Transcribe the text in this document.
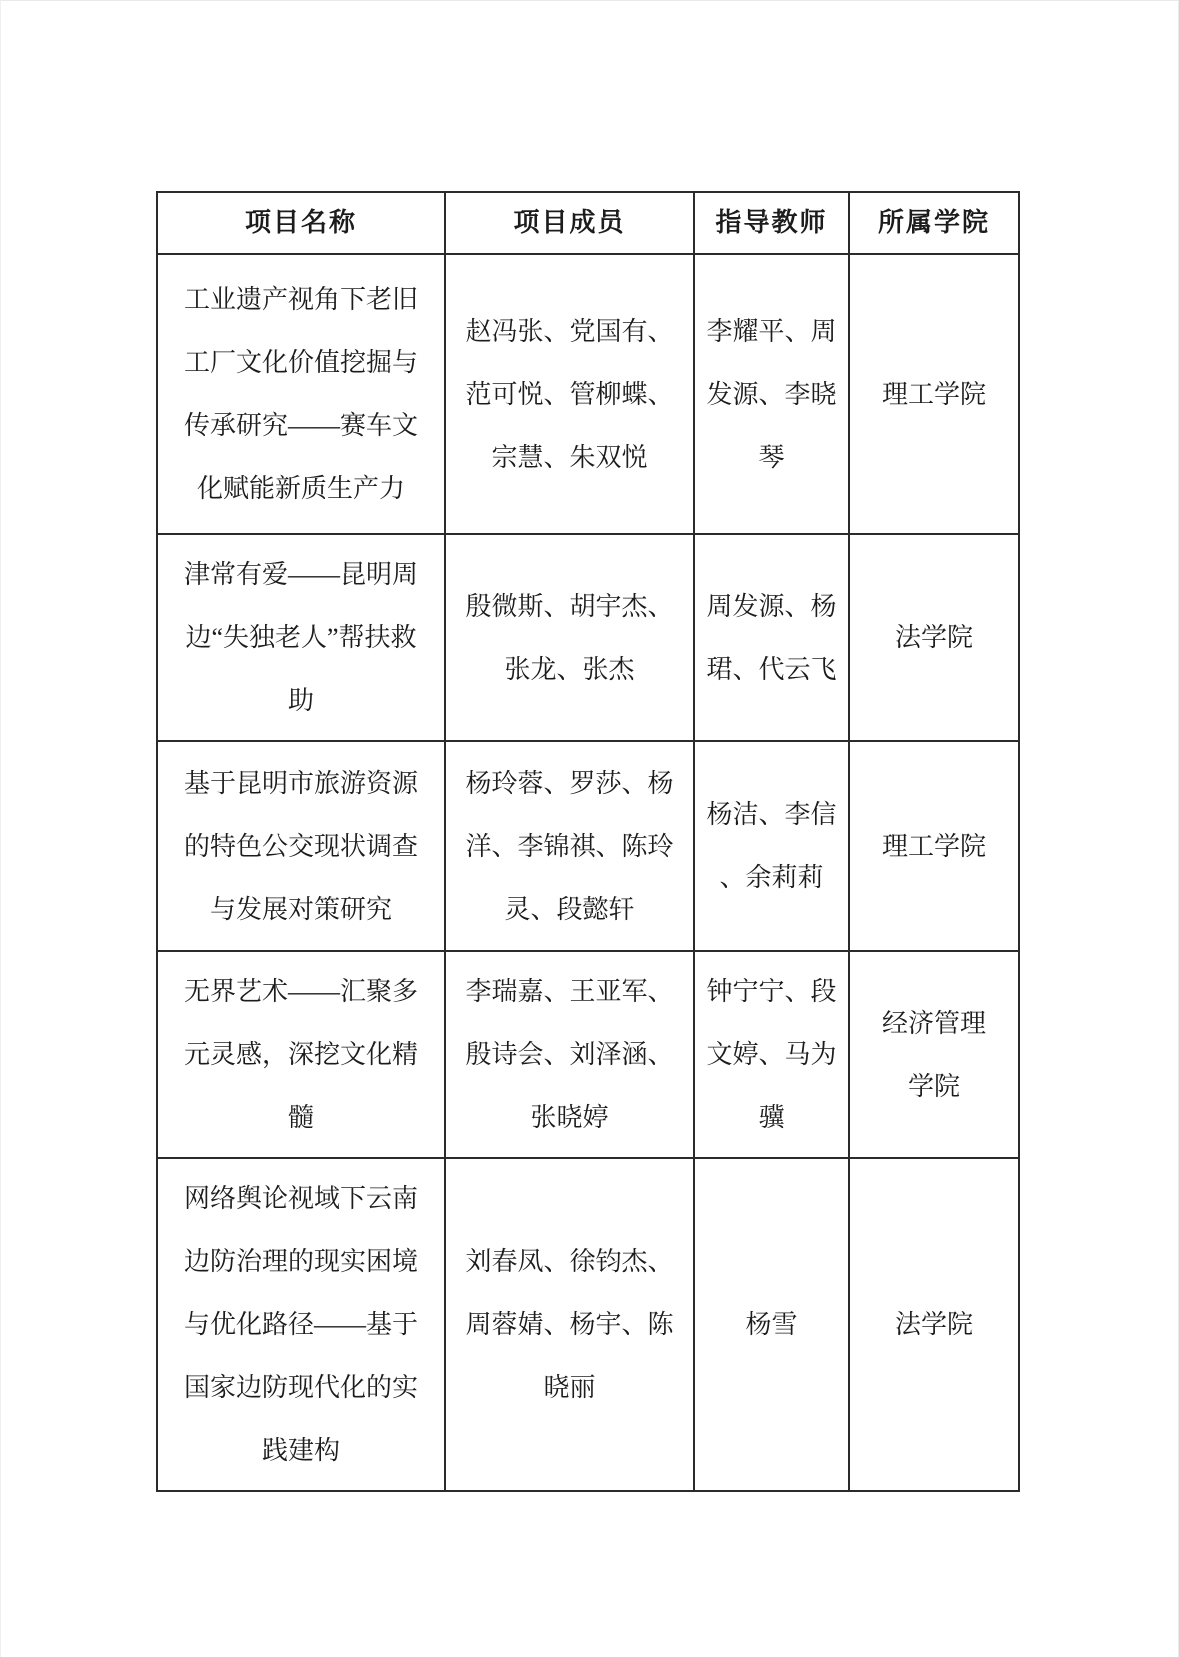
项目名称	项目成员	指导教师	所属学院
工业遗产视角下老旧工厂文化价值挖掘与传承研究——赛车文化赋能新质生产力	赵冯张、党国有、范可悦、管柳蝶、宗慧、朱双悦	李耀平、周发源、李晓琴	理工学院
津常有爱——昆明周边“失独老人”帮扶救助	殷微斯、胡宇杰、张龙、张杰	周发源、杨珺、代云飞	法学院
基于昆明市旅游资源的特色公交现状调查与发展对策研究	杨玲蓉、罗莎、杨洋、李锦祺、陈玲灵、段懿轩	杨洁、李信、余莉莉	理工学院
无界艺术——汇聚多元灵感，深挖文化精髓	李瑞嘉、王亚军、殷诗会、刘泽涵、张晓婷	钟宁宁、段文婷、马为骥	经济管理学院
网络舆论视域下云南边防治理的现实困境与优化路径——基于国家边防现代化的实践建构	刘春凤、徐钧杰、周蓉婧、杨宇、陈晓丽	杨雪	法学院
